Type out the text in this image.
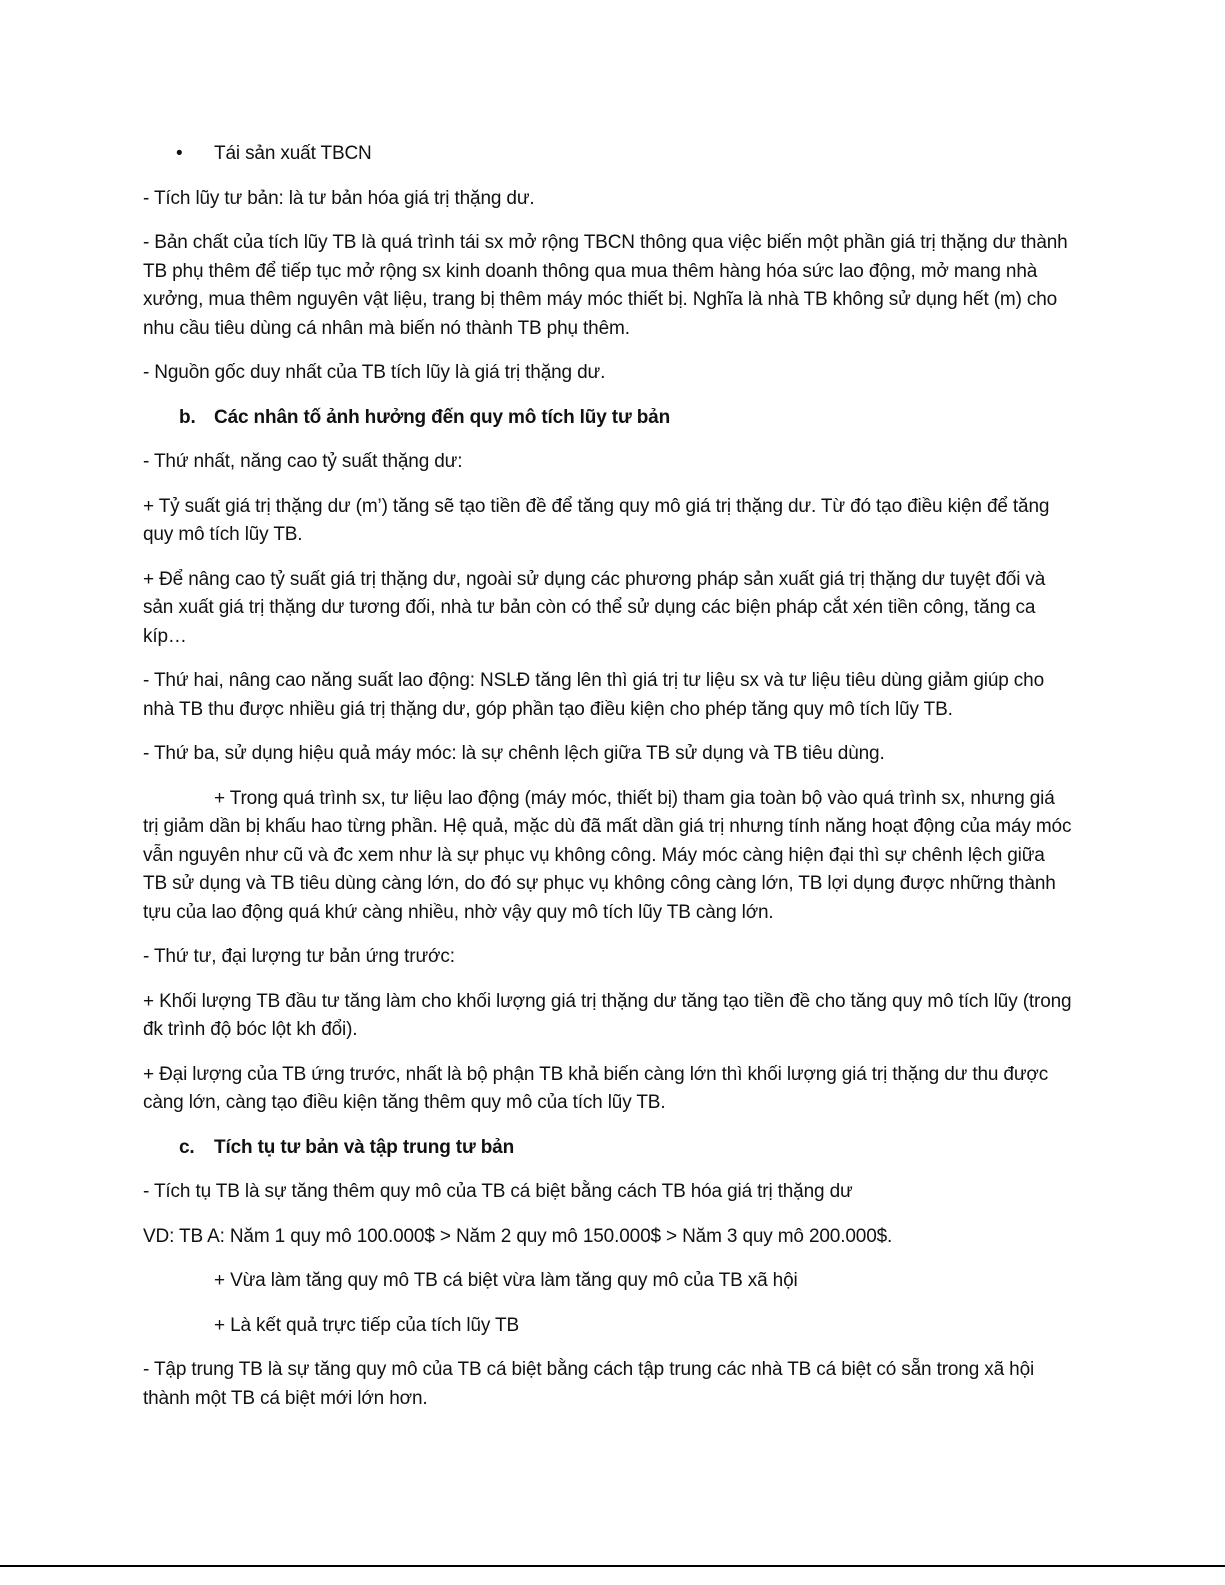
• Tái sản xuất TBCN

- Tích lũy tư bản: là tư bản hóa giá trị thặng dư.

- Bản chất của tích lũy TB là quá trình tái sx mở rộng TBCN thông qua việc biến một phần giá trị thặng dư thành TB phụ thêm để tiếp tục mở rộng sx kinh doanh thông qua mua thêm hàng hóa sức lao động, mở mang nhà xưởng, mua thêm nguyên vật liệu, trang bị thêm máy móc thiết bị. Nghĩa là nhà TB không sử dụng hết (m) cho nhu cầu tiêu dùng cá nhân mà biến nó thành TB phụ thêm.

- Nguồn gốc duy nhất của TB tích lũy là giá trị thặng dư.

b. Các nhân tố ảnh hưởng đến quy mô tích lũy tư bản

- Thứ nhất, năng cao tỷ suất thặng dư:

+ Tỷ suất giá trị thặng dư (m’) tăng sẽ tạo tiền đề để tăng quy mô giá trị thặng dư. Từ đó tạo điều kiện để tăng quy mô tích lũy TB.

+ Để nâng cao tỷ suất giá trị thặng dư, ngoài sử dụng các phương pháp sản xuất giá trị thặng dư tuyệt đối và sản xuất giá trị thặng dư tương đối, nhà tư bản còn có thể sử dụng các biện pháp cắt xén tiền công, tăng ca kíp…

- Thứ hai, nâng cao năng suất lao động: NSLĐ tăng lên thì giá trị tư liệu sx và tư liệu tiêu dùng giảm giúp cho nhà TB thu được nhiều giá trị thặng dư, góp phần tạo điều kiện cho phép tăng quy mô tích lũy TB.

- Thứ ba, sử dụng hiệu quả máy móc: là sự chênh lệch giữa TB sử dụng và TB tiêu dùng.

+ Trong quá trình sx, tư liệu lao động (máy móc, thiết bị) tham gia toàn bộ vào quá trình sx, nhưng giá trị giảm dần bị khấu hao từng phần. Hệ quả, mặc dù đã mất dần giá trị nhưng tính năng hoạt động của máy móc vẫn nguyên như cũ và đc xem như là sự phục vụ không công. Máy móc càng hiện đại thì sự chênh lệch giữa TB sử dụng và TB tiêu dùng càng lớn, do đó sự phục vụ không công càng lớn, TB lợi dụng được những thành tựu của lao động quá khứ càng nhiều, nhờ vậy quy mô tích lũy TB càng lớn.

- Thứ tư, đại lượng tư bản ứng trước:

+ Khối lượng TB đầu tư tăng làm cho khối lượng giá trị thặng dư tăng tạo tiền đề cho tăng quy mô tích lũy (trong đk trình độ bóc lột kh đổi).

+ Đại lượng của TB ứng trước, nhất là bộ phận TB khả biến càng lớn thì khối lượng giá trị thặng dư thu được càng lớn, càng tạo điều kiện tăng thêm quy mô của tích lũy TB.

c. Tích tụ tư bản và tập trung tư bản

- Tích tụ TB là sự tăng thêm quy mô của TB cá biệt bằng cách TB hóa giá trị thặng dư

VD: TB A: Năm 1 quy mô 100.000$ > Năm 2 quy mô 150.000$ > Năm 3 quy mô 200.000$.

+ Vừa làm tăng quy mô TB cá biệt vừa làm tăng quy mô của TB xã hội

+ Là kết quả trực tiếp của tích lũy TB

- Tập trung TB là sự tăng quy mô của TB cá biệt bằng cách tập trung các nhà TB cá biệt có sẵn trong xã hội thành một TB cá biệt mới lớn hơn.
